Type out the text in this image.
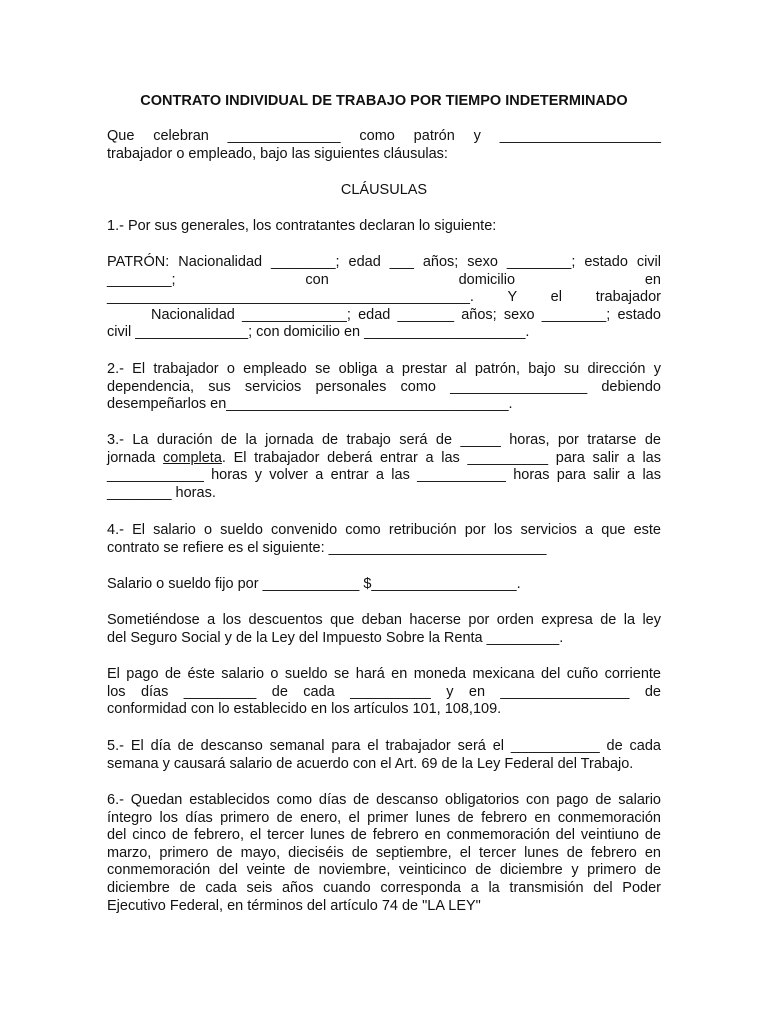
CONTRATO INDIVIDUAL DE TRABAJO POR TIEMPO INDETERMINADO
Que celebran ______________ como patrón y ____________________
trabajador o empleado, bajo las siguientes cláusulas:
CLÁUSULAS
1.- Por sus generales, los contratantes declaran lo siguiente:
PATRÓN: Nacionalidad ________; edad ___ años; sexo ________; estado civil
________; con domicilio en
_____________________________________________. Y el trabajador
Nacionalidad _____________; edad _______ años; sexo ________; estado
civil ______________; con domicilio en ____________________.
2.- El trabajador o empleado se obliga a prestar al patrón, bajo su dirección y
dependencia, sus servicios personales como _________________ debiendo
desempeñarlos en___________________________________.
3.- La duración de la jornada de trabajo será de _____ horas, por tratarse de
jornada completa. El trabajador deberá entrar a las __________ para salir a las
____________ horas y volver a entrar a las ___________ horas para salir a las
________ horas.
4.- El salario o sueldo convenido como retribución por los servicios a que este
contrato se refiere es el siguiente: ___________________________
Salario o sueldo fijo por ____________ $__________________.
Sometiéndose a los descuentos que deban hacerse por orden expresa de la ley
del Seguro Social y de la Ley del Impuesto Sobre la Renta _________.
El pago de éste salario o sueldo se hará en moneda mexicana del cuño corriente
los días _________ de cada __________ y en ________________ de
conformidad con lo establecido en los artículos 101, 108,109.
5.- El día de descanso semanal para el trabajador será el ___________ de cada
semana y causará salario de acuerdo con el Art. 69 de la Ley Federal del Trabajo.
6.- Quedan establecidos como días de descanso obligatorios con pago de salario
íntegro los días primero de enero, el primer lunes de febrero en conmemoración
del cinco de febrero, el tercer lunes de febrero en conmemoración del veintiuno de
marzo, primero de mayo, dieciséis de septiembre, el tercer lunes de febrero en
conmemoración del veinte de noviembre, veinticinco de diciembre y primero de
diciembre de cada seis años cuando corresponda a la transmisión del Poder
Ejecutivo Federal, en términos del artículo 74 de "LA LEY"
